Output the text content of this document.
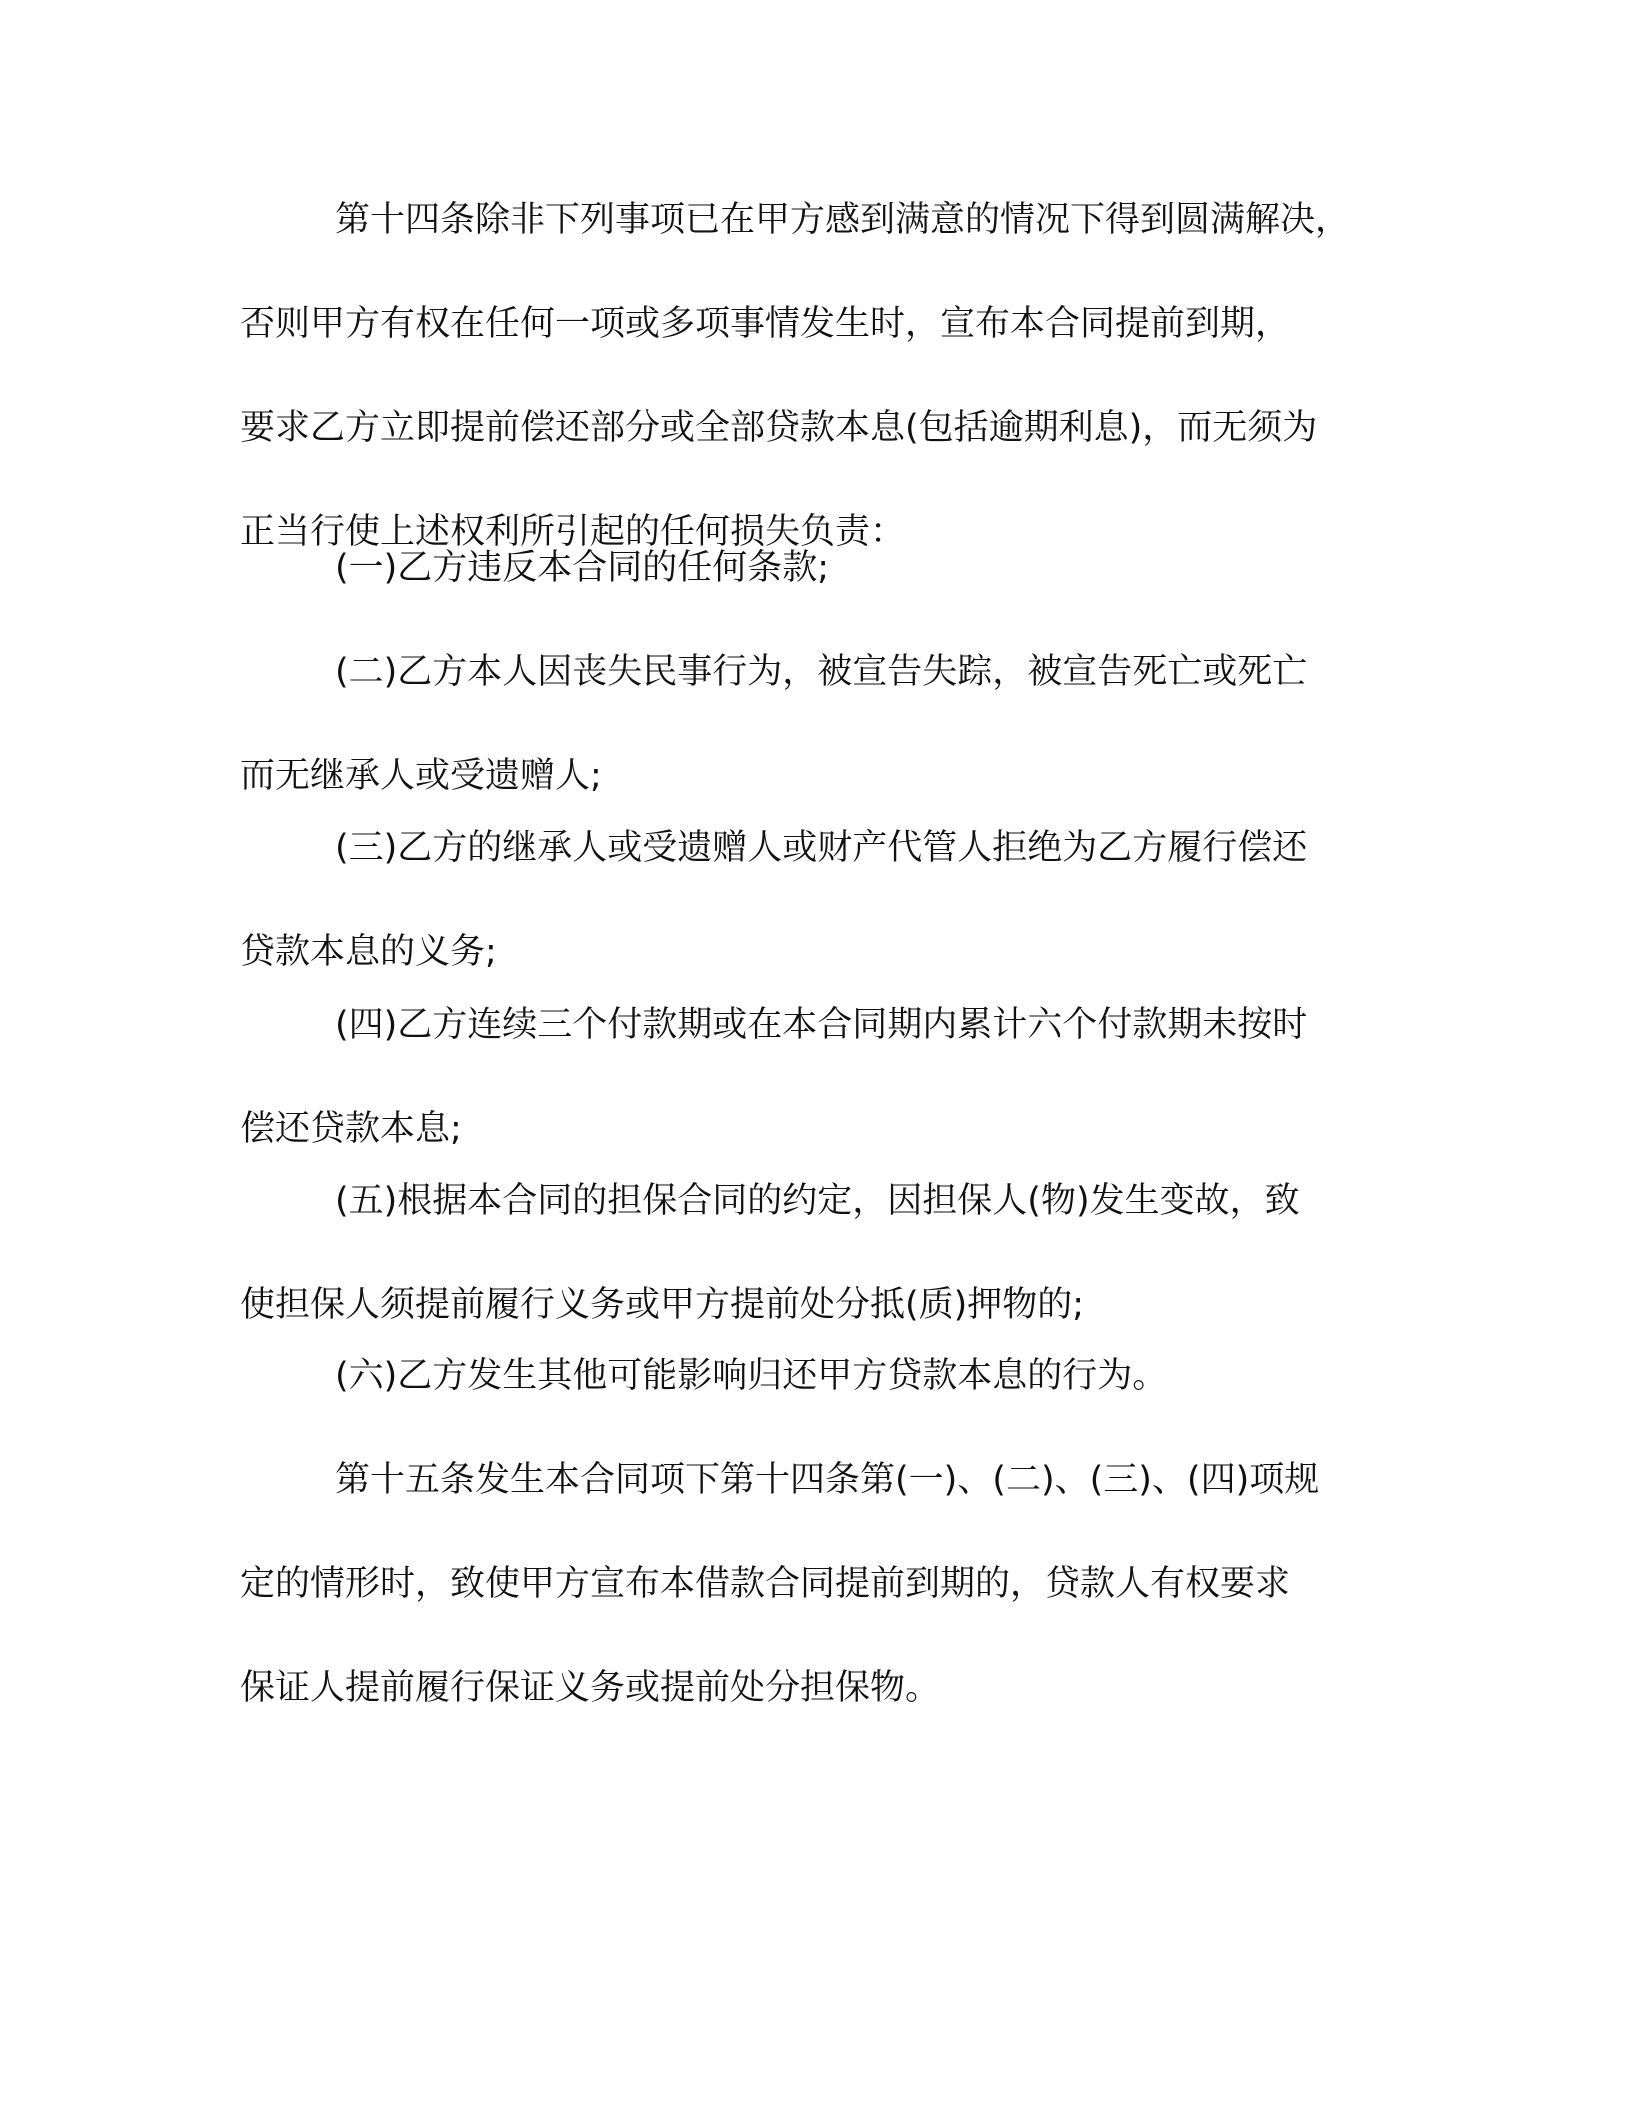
第十四条除非下列事项已在甲方感到满意的情况下得到圆满解决，
否则甲方有权在任何一项或多项事情发生时，宣布本合同提前到期，
要求乙方立即提前偿还部分或全部贷款本息(包括逾期利息)，而无须为
正当行使上述权利所引起的任何损失负责：
(一)乙方违反本合同的任何条款;
(二)乙方本人因丧失民事行为，被宣告失踪，被宣告死亡或死亡
而无继承人或受遗赠人;
(三)乙方的继承人或受遗赠人或财产代管人拒绝为乙方履行偿还
贷款本息的义务;
(四)乙方连续三个付款期或在本合同期内累计六个付款期未按时
偿还贷款本息;
(五)根据本合同的担保合同的约定，因担保人(物)发生变故，致
使担保人须提前履行义务或甲方提前处分抵(质)押物的;
(六)乙方发生其他可能影响归还甲方贷款本息的行为。
第十五条发生本合同项下第十四条第(一)、(二)、(三)、(四)项规
定的情形时，致使甲方宣布本借款合同提前到期的，贷款人有权要求
保证人提前履行保证义务或提前处分担保物。
